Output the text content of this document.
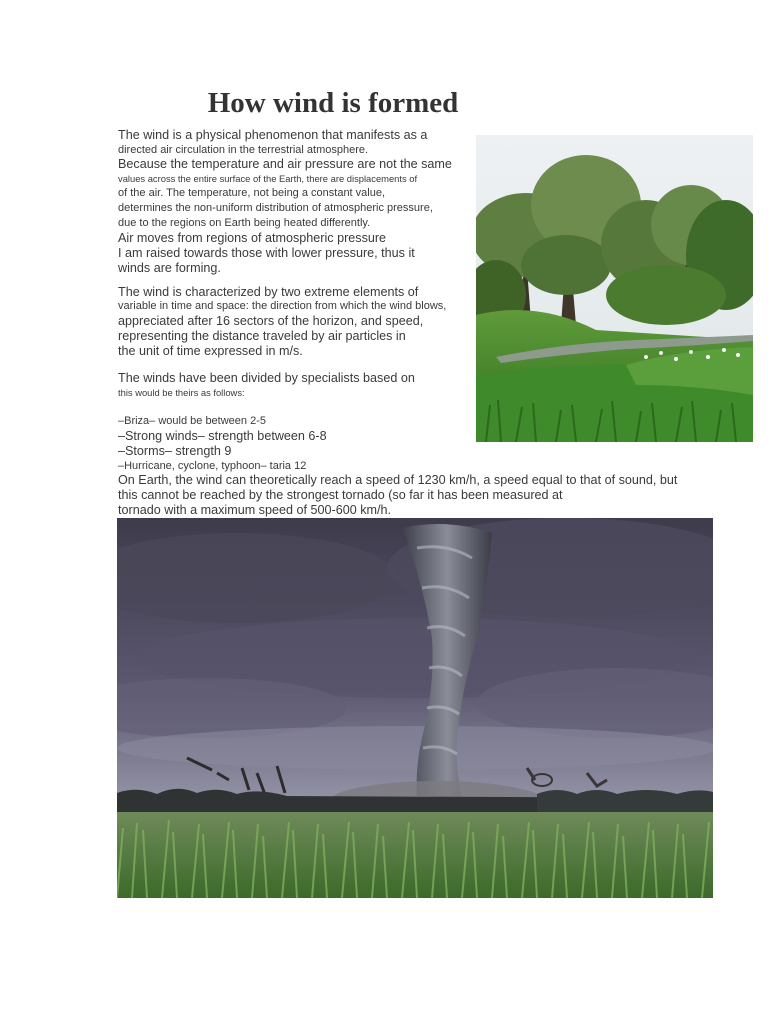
How wind is formed

The wind is a physical phenomenon that manifests as a

directed air circulation in the terrestrial atmosphere.

Because the temperature and air pressure are not the same

values across the entire surface of the Earth, there are displacements of

of the air. The temperature, not being a constant value,

determines the non-uniform distribution of atmospheric pressure,

due to the regions on Earth being heated differently.

Air moves from regions of atmospheric pressure

I am raised towards those with lower pressure, thus it

winds are forming.

The wind is characterized by two extreme elements of

variable in time and space: the direction from which the wind blows,

appreciated after 16 sectors of the horizon, and speed,

representing the distance traveled by air particles in

the unit of time expressed in m/s.

The winds have been divided by specialists based on

this would be theirs as follows:

–Briza– would be between 2-5

–Strong winds– strength between 6-8

–Storms– strength 9

–Hurricane, cyclone, typhoon– taria 12

On Earth, the wind can theoretically reach a speed of 1230 km/h, a speed equal to that of sound, but

this cannot be reached by the strongest tornado (so far it has been measured at

tornado with a maximum speed of 500-600 km/h.
